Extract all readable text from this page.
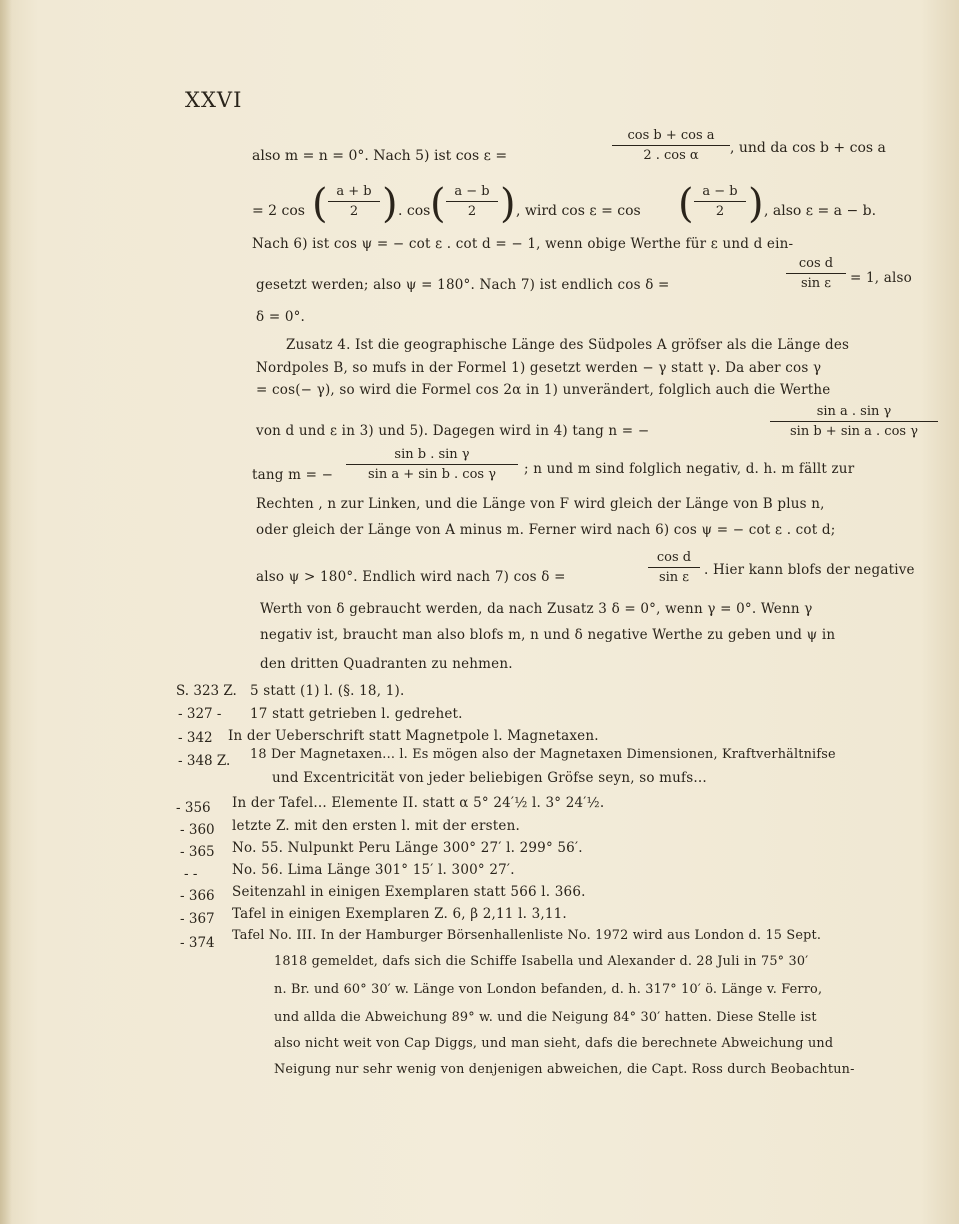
XXVI
also m = n = 0°. Nach 5) ist cos ε =
cos b + cos a
2 . cos α	, und da cos b + cos a
= 2 cos ( a + b
2 ) . cos ( a − b
2 ) , wird cos ε = cos ( a − b
2 ) , also ε = a − b.
Nach 6) ist cos ψ = − cot ε . cot d = − 1, wenn obige Werthe für ε und d ein-
gesetzt werden; also ψ = 180°. Nach 7) ist endlich cos δ =
cos d
sin ε	= 1, also
δ = 0°.
Zusatz 4. Ist die geographische Länge des Südpoles A gröfser als die Länge des
Nordpoles B, so mufs in der Formel 1) gesetzt werden − γ statt γ. Da aber cos γ
= cos(− γ), so wird die Formel cos 2α in 1) unverändert, folglich auch die Werthe
von d und ε in 3) und 5). Dagegen wird in 4) tang n = −
sin a . sin γ
sin b + sin a . cos γ
tang m = −
sin b . sin γ
sin a + sin b . cos γ	; n und m sind folglich negativ, d. h. m fällt zur
Rechten , n zur Linken, und die Länge von F wird gleich der Länge von B plus n,
oder gleich der Länge von A minus m. Ferner wird nach 6) cos ψ = − cot ε . cot d;
also ψ > 180°. Endlich wird nach 7) cos δ =
cos d
sin ε	. Hier kann blofs der negative
Werth von δ gebraucht werden, da nach Zusatz 3 δ = 0°, wenn γ = 0°. Wenn γ
negativ ist, braucht man also blofs m, n und δ negative Werthe zu geben und ψ in
den dritten Quadranten zu nehmen.
S. 323 Z. 5 statt (1) l. (§. 18, 1).
- 327 - 17 statt getrieben l. gedrehet.
- 342 In der Ueberschrift statt Magnetpole l. Magnetaxen.
- 348 Z. 18 Der Magnetaxen... l. Es mögen also der Magnetaxen Dimensionen, Kraftverhältnifse
und Excentricität von jeder beliebigen Gröfse seyn, so mufs...
- 356 In der Tafel... Elemente II. statt α 5° 24′½ l. 3° 24′½.
- 360 letzte Z. mit den ersten l. mit der ersten.
- 365 No. 55. Nulpunkt Peru Länge 300° 27′ l. 299° 56′.
- -	No. 56. Lima Länge 301° 15′ l. 300° 27′.
- 366 Seitenzahl in einigen Exemplaren statt 566 l. 366.
- 367 Tafel in einigen Exemplaren Z. 6, β 2,11 l. 3,11.
- 374 Tafel No. III. In der Hamburger Börsenhallenliste No. 1972 wird aus London d. 15 Sept.
1818 gemeldet, dafs sich die Schiffe Isabella und Alexander d. 28 Juli in 75° 30′
n. Br. und 60° 30′ w. Länge von London befanden, d. h. 317° 10′ ö. Länge v. Ferro,
und allda die Abweichung 89° w. und die Neigung 84° 30′ hatten. Diese Stelle ist
also nicht weit von Cap Diggs, und man sieht, dafs die berechnete Abweichung und
Neigung nur sehr wenig von denjenigen abweichen, die Capt. Ross durch Beobachtun-
